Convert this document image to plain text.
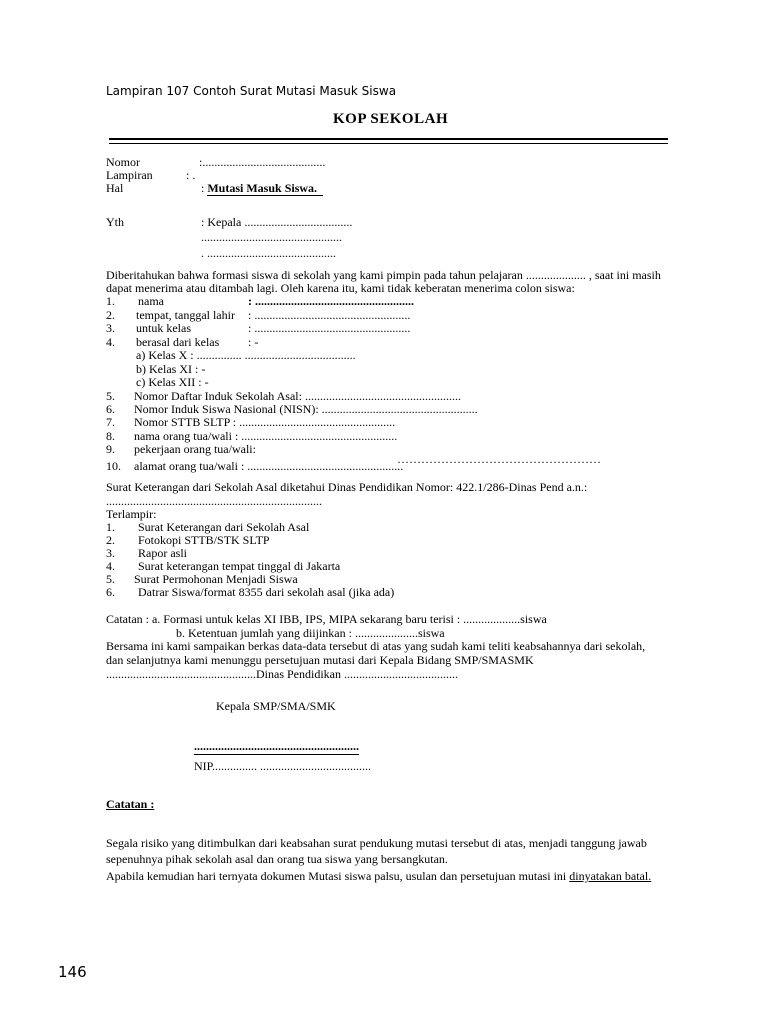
Lampiran 107 Contoh Surat Mutasi Masuk Siswa
KOP SEKOLAH
Nomor	:.........................................
Lampiran	: .
Hal	: Mutasi Masuk Siswa.
Yth	: Kepala ....................................
...............................................
. ...........................................
Diberitahukan bahwa formasi siswa di sekolah yang kami pimpin pada tahun pelajaran .................... , saat ini masih
dapat menerima atau ditambah lagi. Oleh karena itu, kami tidak keberatan menerima colon siswa:
1. nama	: .....................................................
2. tempat, tanggal lahir : ....................................................
3. untuk kelas	: ....................................................
4. berasal dari kelas : -
a) Kelas X : ............... .....................................
b) Kelas XI : -
c) Kelas XII : -
5. Nomor Daftar Induk Sekolah Asal: ....................................................
6. Nomor Induk Siswa Nasional (NISN): ....................................................
7. Nomor STTB SLTP : ....................................................
8. nama orang tua/wali : ....................................................
9. pekerjaan orang tua/wali:
……………………………………………
10. alamat orang tua/wali : ....................................................
Surat Keterangan dari Sekolah Asal diketahui Dinas Pendidikan Nomor: 422.1/286-Dinas Pend a.n.:
........................................................................
Terlampir:
1. Surat Keterangan dari Sekolah Asal
2. Fotokopi STTB/STK SLTP
3. Rapor asli
4. Surat keterangan tempat tinggal di Jakarta
5. Surat Permohonan Menjadi Siswa
6. Datrar Siswa/format 8355 dari sekolah asal (jika ada)
Catatan : a. Formasi untuk kelas XI IBB, IPS, MIPA sekarang baru terisi : ...................siswa
b. Ketentuan jumlah yang diijinkan : .....................siswa
Bersama ini kami sampaikan berkas data-data tersebut di atas yang sudah kami teliti keabsahannya dari sekolah,
dan selanjutnya kami menunggu persetujuan mutasi dari Kepala Bidang SMP/SMASMK
..................................................Dinas Pendidikan ......................................
Kepala SMP/SMA/SMK
.......................................................
NIP............... .....................................
Catatan :
Segala risiko yang ditimbulkan dari keabsahan surat pendukung mutasi tersebut di atas, menjadi tanggung jawab
sepenuhnya pihak sekolah asal dan orang tua siswa yang bersangkutan.
Apabila kemudian hari ternyata dokumen Mutasi siswa palsu, usulan dan persetujuan mutasi ini dinyatakan batal.
146
